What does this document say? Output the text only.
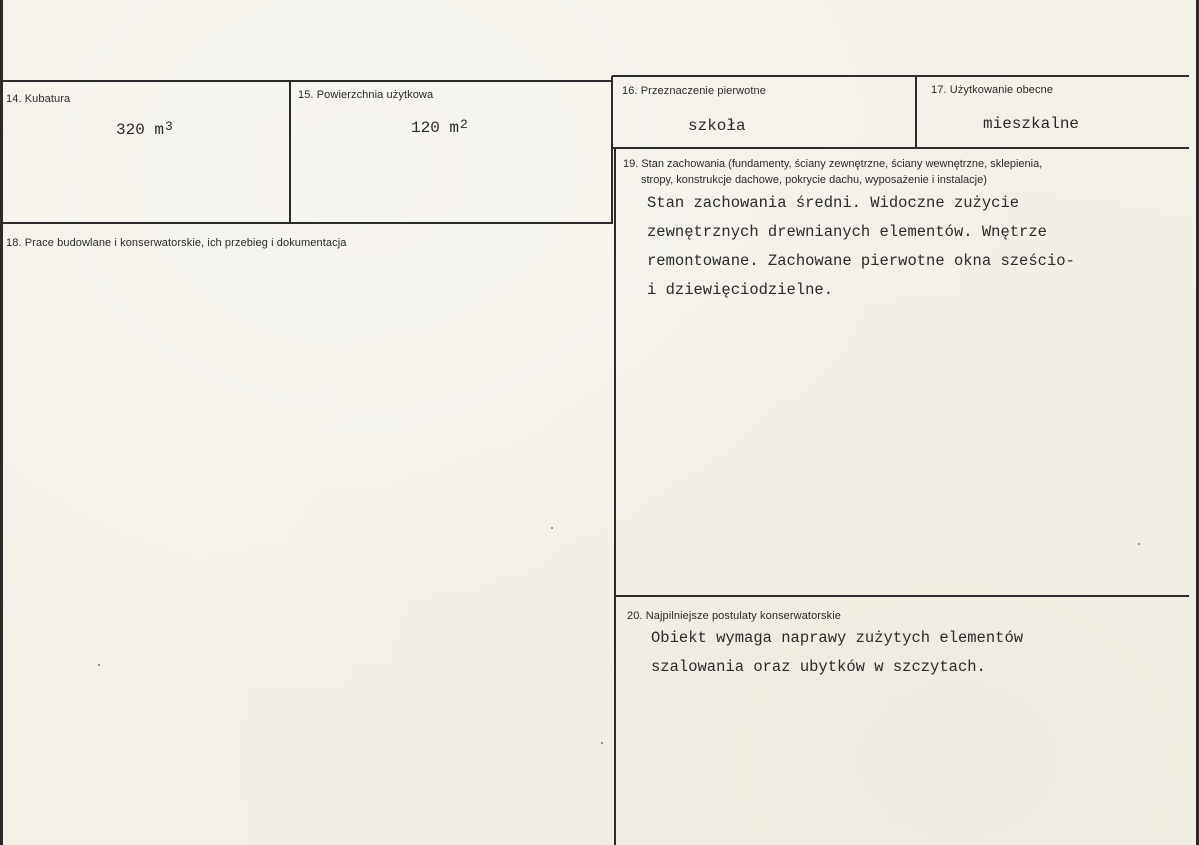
14. Kubatura
320 $m^3$
15. Powierzchnia użytkowa
120 $m^2$
16. Przeznaczenie pierwotne
szkoła
17. Użytkowanie obecne
mieszkalne
18. Prace budowlane i konserwatorskie, ich przebieg i dokumentacja
19. Stan zachowania (fundamenty, ściany zewnętrzne, ściany wewnętrzne, sklepienia,
stropy, konstrukcje dachowe, pokrycie dachu, wyposażenie i instalacje)
Stan zachowania średni. Widoczne zużycie
zewnętrznych drewnianych elementów. Wnętrze
remontowane. Zachowane pierwotne okna sześcio-
i dziewięciodzielne.
20. Najpilniejsze postulaty konserwatorskie
Obiekt wymaga naprawy zużytych elementów
szalowania oraz ubytków w szczytach.
